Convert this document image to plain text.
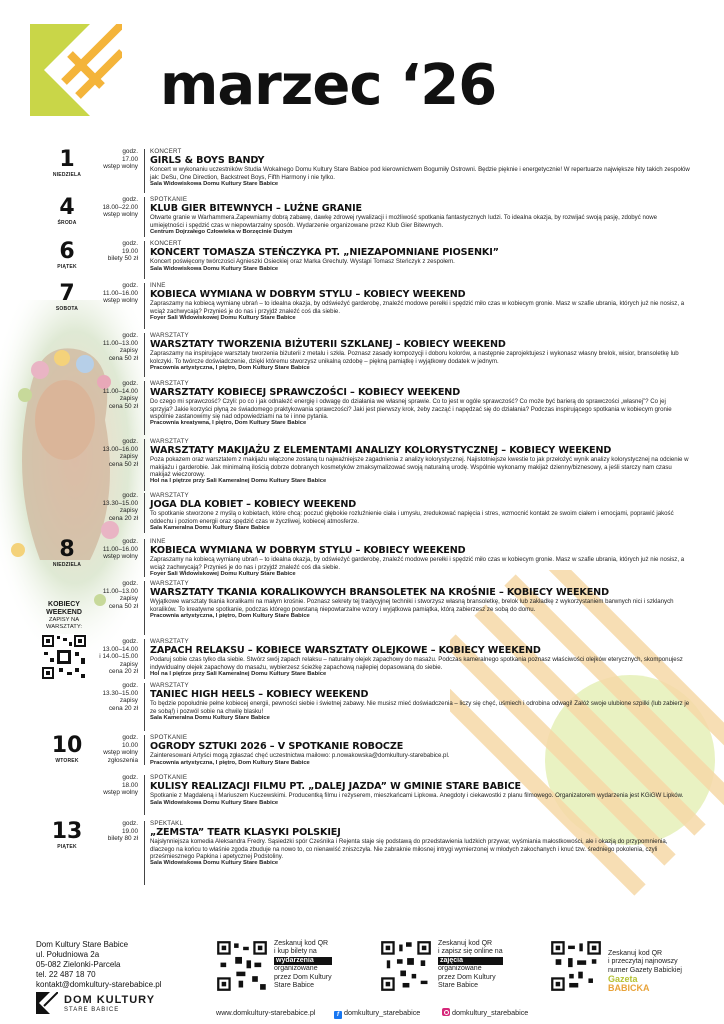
marzec ‘26
1
NIEDZIELA
godz.
17.00
wstęp wolny
KONCERT
GIRLS & BOYS BANDY
Koncert w wykonaniu uczestników Studia Wokalnego Domu Kultury Stare Babice pod kierownictwem Bogumiły Ostrowni. Będzie pięknie i energetycznie! W repertuarze największe hity takich zespołów jak: DeSu, One Direction, Backstreet Boys, Fifth Harmony i nie tylko.
Sala Widowiskowa Domu Kultury Stare Babice
4
ŚRODA
godz.
18.00–22.00
wstęp wolny
SPOTKANIE
KLUB GIER BITEWNYCH – LUŹNE GRANIE
Otwarte granie w Warhammera.Zapewniamy dobrą zabawę, dawkę zdrowej rywalizacji i możliwość spotkania fantastycznych ludzi. To idealna okazja, by rozwijać swoją pasję, zdobyć nowe umiejętności i spędzić czas w niepowtarzalny sposób. Wydarzenie organizowane przez Klub Gier Bitewnych.
Centrum Dojrzałego Człowieka w Borzęcinie Dużym
6
PIĄTEK
godz.
19.00
bilety 50 zł
KONCERT
KONCERT TOMASZA STEŃCZYKA PT. „NIEZAPOMNIANE PIOSENKI”
Koncert poświęcony twórczości Agnieszki Osieckiej oraz Marka Grechuty. Wystąpi Tomasz Steńczyk z zespołem.
Sala Widowiskowa Domu Kultury Stare Babice
7
SOBOTA
godz.
11.00–16.00
wstęp wolny
INNE
KOBIECA WYMIANA W DOBRYM STYLU – KOBIECY WEEKEND
Zapraszamy na kobiecą wymianę ubrań – to idealna okazja, by odświeżyć garderobę, znaleźć modowe perełki i spędzić miło czas w kobiecym gronie. Masz w szafie ubrania, których już nie nosisz, a wciąż zachwycają? Przynieś je do nas i przyjdź znaleźć coś dla siebie.
Foyer Sali Widowiskowej Domu Kultury Stare Babice
godz.
11.00–13.00
zapisy
cena 50 zł
WARSZTATY
WARSZTATY TWORZENIA BIŻUTERII SZKLANEJ – KOBIECY WEEKEND
Zapraszamy na inspirujące warsztaty tworzenia biżuterii z metalu i szkła. Poznasz zasady kompozycji i doboru kolorów, a następnie zaprojektujesz i wykonasz własny brelok, wisior, bransoletkę lub kolczyki. To twórcze doświadczenie, dzięki któremu stworzysz unikalną ozdobę – piękną pamiątkę i wyjątkowy dodatek w jednym.
Pracownia artystyczna, I piętro, Dom Kultury Stare Babice
godz.
11.00–14.00
zapisy
cena 50 zł
WARSZTATY
WARSZTATY KOBIECEJ SPRAWCZOŚCI – KOBIECY WEEKEND
Do czego mi sprawczość? Czyli: po co i jak odnaleźć energię i odwagę do działania we własnej sprawie. Co to jest w ogóle sprawczość? Co może być barierą do sprawczości „własnej”? Co jej sprzyja? Jakie korzyści płyną ze świadomego praktykowania sprawczości? Jaki jest pierwszy krok, żeby zacząć i napędzać się do działania? Podczas inspirującego spotkania w kobiecym gronie wspólnie zastanowimy się nad odpowiedziami na te i inne pytania.
Pracownia kreatywna, I piętro, Dom Kultury Stare Babice
godz.
13.00–16.00
zapisy
cena 50 zł
WARSZTATY
WARSZTATY MAKIJAŻU Z ELEMENTAMI ANALIZY KOLORYSTYCZNEJ – KOBIECY WEEKEND
Poza pokazem oraz warsztatem z makijażu włączone zostaną tu najważniejsze zagadnienia z analizy kolorystycznej. Najistotniejsze kwestie to jak przełożyć wynik analizy kolorystycznej na odcienie w makijażu i garderobie. Jak minimalną ilością dobrze dobranych kosmetyków zmaksymalizować swoją naturalną urodę. Wspólnie wykonamy makijaż dzienny/biznesowy, a jeśli starczy nam czasu makijaż wieczorowy.
Hol na I piętrze przy Sali Kameralnej Domu Kultury Stare Babice
godz.
13.30–15.00
zapisy
cena 20 zł
WARSZTATY
JOGA DLA KOBIET – KOBIECY WEEKEND
To spotkanie stworzone z myślą o kobietach, które chcą: poczuć głębokie rozluźnienie ciała i umysłu, zredukować napięcia i stres, wzmocnić kontakt ze swoim ciałem i emocjami, poprawić jakość oddechu i poziom energii oraz spędzić czas w życzliwej, kobiecej atmosferze.
Sala Kameralna Domu Kultury Stare Babice
8
NIEDZIELA
godz.
11.00–16.00
wstęp wolny
INNE
KOBIECA WYMIANA W DOBRYM STYLU – KOBIECY WEEKEND
Zapraszamy na kobiecą wymianę ubrań – to idealna okazja, by odświeżyć garderobę, znaleźć modowe perełki i spędzić miło czas w kobiecym gronie. Masz w szafie ubrania, których już nie nosisz, a wciąż zachwycają? Przynieś je do nas i przyjdź znaleźć coś dla siebie.
Foyer Sali Widowiskowej Domu Kultury Stare Babice
godz.
11.00–13.00
zapisy
cena 50 zł
WARSZTATY
WARSZTATY TKANIA KORALIKOWYCH BRANSOLETEK NA KROŚNIE – KOBIECY WEEKEND
Wyjątkowe warsztaty tkania koralikami na małym krośnie. Poznasz sekrety tej tradycyjnej techniki i stworzysz własną bransoletkę, brelok lub zakładkę z wykorzystaniem barwnych nici i szklanych koralików. To kreatywne spotkanie, podczas którego powstaną niepowtarzalne wzory i wyjątkowa pamiątka, którą zabierzesz ze sobą do domu.
Pracownia artystyczna, I piętro, Dom Kultury Stare Babice
godz.
13.00–14.00
i 14.00–15.00
zapisy
cena 20 zł
WARSZTATY
ZAPACH RELAKSU – KOBIECE WARSZTATY OLEJKOWE – KOBIECY WEEKEND
Podaruj sobie czas tylko dla siebie. Stwórz swój zapach relaksu – naturalny olejek zapachowy do masażu. Podczas kameralnego spotkania poznasz właściwości olejków eterycznych, skomponujesz indywidualny olejek zapachowy do masażu, wybierzesz ścieżkę zapachową najlepiej dopasowaną do siebie.
Hol na I piętrze przy Sali Kameralnej Domu Kultury Stare Babice
godz.
13.30–15.00
zapisy
cena 20 zł
WARSZTATY
TANIEC HIGH HEELS – KOBIECY WEEKEND
To będzie popołudnie pełne kobiecej energii, pewności siebie i świetnej zabawy. Nie musisz mieć doświadczenia – liczy się chęć, uśmiech i odrobina odwagi! Załóż swoje ulubione szpilki (lub zabierz je ze sobą!) i pozwól sobie na chwilę blasku!
Sala Kameralna Domu Kultury Stare Babice
10
WTOREK
godz.
10.00
wstęp wolny
zgłoszenia
SPOTKANIE
OGRODY SZTUKI 2026 – V SPOTKANIE ROBOCZE
Zainteresowani Artyści mogą zgłaszać chęć uczestnictwa mailowo: p.nowakowska@domkultury-starebabice.pl.
Pracownia artystyczna, I piętro, Dom Kultury Stare Babice
godz.
18.00
wstęp wolny
SPOTKANIE
KULISY REALIZACJI FILMU PT. „DALEJ JAZDA” W GMINIE STARE BABICE
Spotkanie z Magdaleną i Mariuszem Kuczewskimi. Producentką filmu i reżyserem, mieszkańcami Lipkowa. Anegdoty i ciekawostki z planu filmowego. Organizatorem wydarzenia jest KGiGW Lipków.
Sala Widowiskowa Domu Kultury Stare Babice
13
PIĄTEK
godz.
19.00
bilety 80 zł
SPEKTAKL
„ZEMSTA” TEATR KLASYKI POLSKIEJ
Najsłynniejsza komedia Aleksandra Fredry. Sąsiedzki spór Cześnika i Rejenta staje się podstawą do przedstawienia ludzkich przywar, wyśmiania małostkowości, ale i okazją do przypomnienia, dlaczego na końcu to właśnie zgoda zbuduje na nowo to, co nienawiść zniszczyła. Nie zabraknie miłosnej intrygi wymierzonej w młodych zakochanych i knuć tzw. średniego pokolenia, czyli prześmiesznego Papkina i apetycznej Podstoliny.
Sala Widowiskowa Domu Kultury Stare Babice
KOBIECY WEEKEND
ZAPISY NA WARSZTATY:
Dom Kultury Stare Babice
ul. Południowa 2a
05-082 Zielonki-Parcela
tel. 22 487 18 70
kontakt@domkultury-starebabice.pl
DOM KULTURY
STARE BABICE
Zeskanuj kod QR
i kup bilety na
wydarzenia
organizowane
przez Dom Kultury
Stare Babice
Zeskanuj kod QR
i zapisz się online na
zajęcia
organizowane
przez Dom Kultury
Stare Babice
Zeskanuj kod QR
i przeczytaj najnowszy
numer Gazety Babickiej
Gazeta
BABICKA
www.domkultury-starebabice.pl	f domkultury_starebabice	domkultury_starebabice
